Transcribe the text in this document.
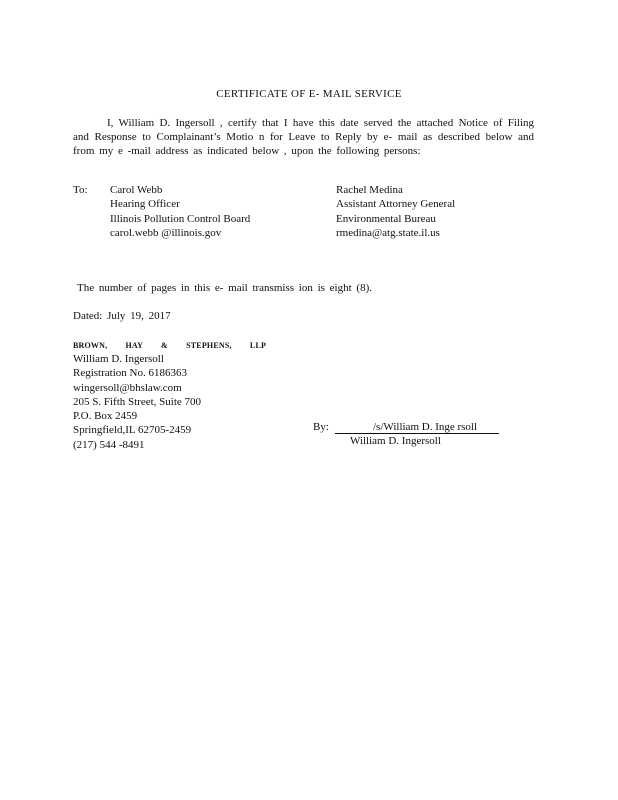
CERTIFICATE OF E- MAIL SERVICE
I, William D. Ingersoll , certify that I have this date served the attached Notice of Filing and Response to Complainant’s Motio n for Leave to Reply by e- mail as described below and from my e -mail address as indicated below , upon the following persons:
To: Carol Webb
Hearing Officer
Illinois Pollution Control Board
carol.webb @illinois.gov
Rachel Medina
Assistant Attorney General
Environmental Bureau
rmedina@atg.state.il.us
The number of pages in this e- mail transmiss ion is eight (8).
Dated: July 19, 2017
BROWN, HAY & STEPHENS, LLP
William D. Ingersoll
Registration No. 6186363
wingersoll@bhslaw.com
205 S. Fifth Street, Suite 700
P.O. Box 2459
Springfield,IL 62705-2459
(217) 544 -8491
By:	/s/William D. Inge rsoll
William D. Ingersoll
